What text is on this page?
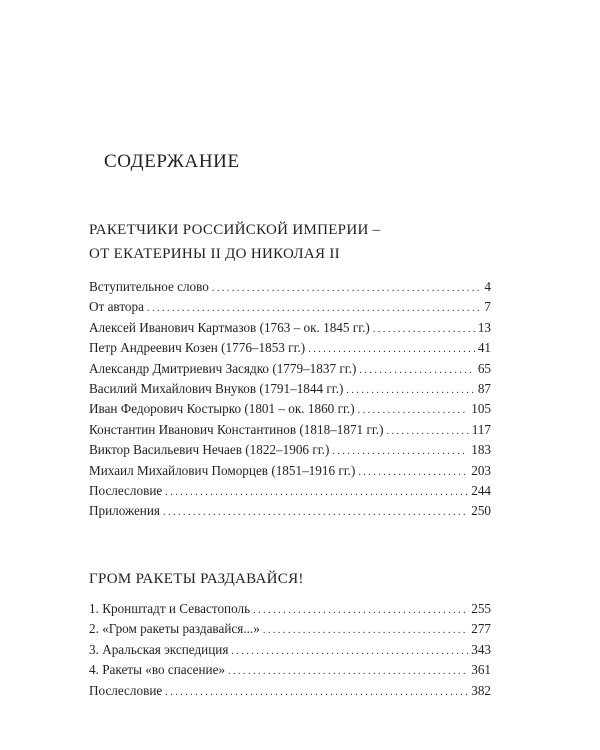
СОДЕРЖАНИЕ
РАКЕТЧИКИ РОССИЙСКОЙ ИМПЕРИИ –
ОТ ЕКАТЕРИНЫ II ДО НИКОЛАЯ II
Вступительное слово . . .	4
От автора . . .	7
Алексей Иванович Картмазов (1763 – ок. 1845 гг.) . . .	13
Петр Андреевич Козен (1776–1853 гг.) . . .	41
Александр Дмитриевич Засядко (1779–1837 гг.) . . .	65
Василий Михайлович Внуков (1791–1844 гг.) . . .	87
Иван Федорович Костырко (1801 – ок. 1860 гг.) . . .	105
Константин Иванович Константинов (1818–1871 гг.) . . .	117
Виктор Васильевич Нечаев (1822–1906 гг.) . . .	183
Михаил Михайлович Поморцев (1851–1916 гг.) . . .	203
Послесловие . . .	244
Приложения . . .	250
ГРОМ РАКЕТЫ РАЗДАВАЙСЯ!
1. Кронштадт и Севастополь . . .	255
2. «Гром ракеты раздавайся...» . . .	277
3. Аральская экспедиция . . .	343
4. Ракеты «во спасение» . . .	361
Послесловие . . .	382
